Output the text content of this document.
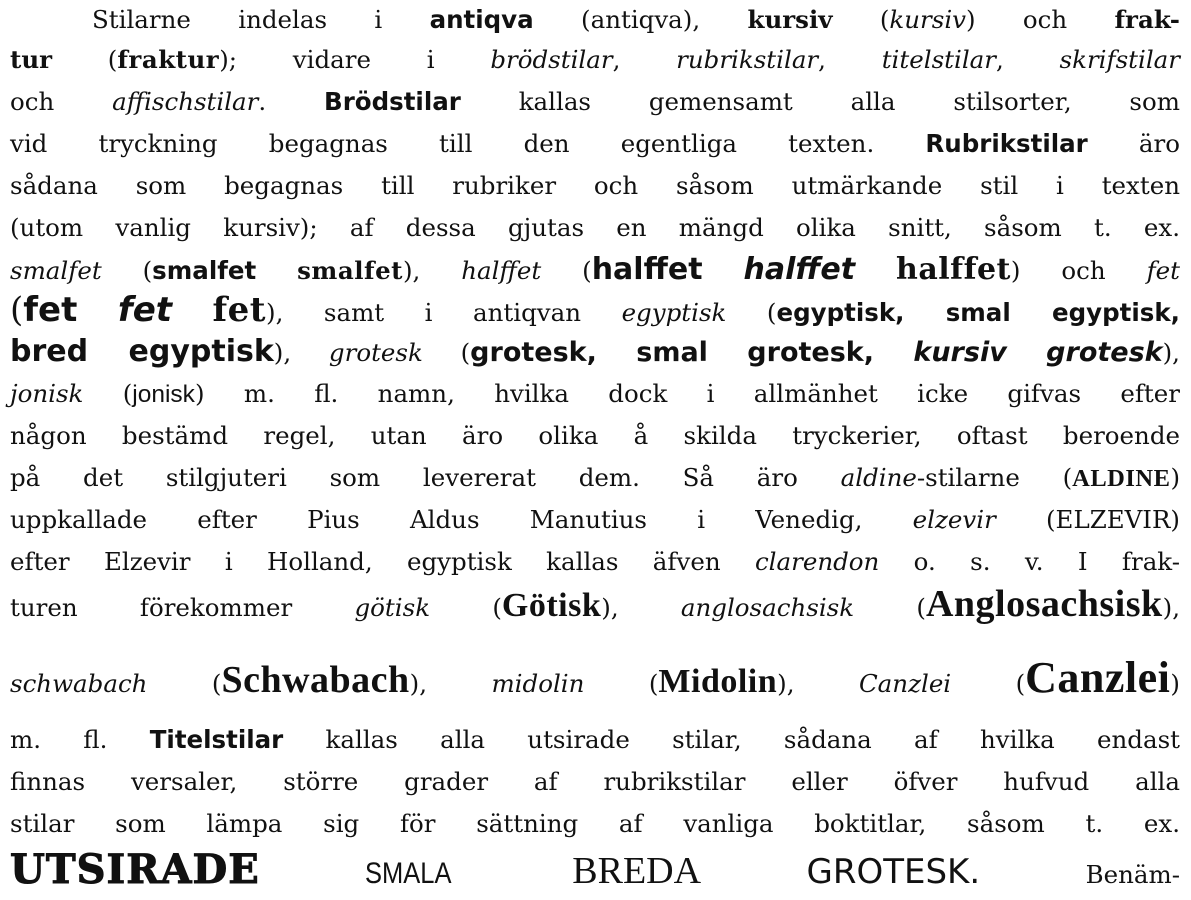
Stilarne indelas i antiqva (antiqva), kursiv (kursiv) och frak-
tur (fraktur); vidare i brödstilar, rubrikstilar, titelstilar, skrifstilar
och affischstilar. Brödstilar kallas gemensamt alla stilsorter, som
vid tryckning begagnas till den egentliga texten. Rubrikstilar äro
sådana som begagnas till rubriker och såsom utmärkande stil i texten
(utom vanlig kursiv); af dessa gjutas en mängd olika snitt, såsom t. ex.
smalfet (smalfet smalfet), halffet (halffet halffet halffet) och fet
(fet fet fet), samt i antiqvan egyptisk (egyptisk, smal egyptisk,
bred egyptisk), grotesk (grotesk, smal grotesk, kursiv grotesk),
jonisk (jonisk) m. fl. namn, hvilka dock i allmänhet icke gifvas efter
någon bestämd regel, utan äro olika å skilda tryckerier, oftast beroende
på det stilgjuteri som levererat dem. Så äro aldine-stilarne (ALDINE)
uppkallade efter Pius Aldus Manutius i Venedig, elzevir (ELZEVIR)
efter Elzevir i Holland, egyptisk kallas äfven clarendon o. s. v. I frak-
turen förekommer götisk (Götisk), anglosachsisk (Anglosachsisk),
schwabach (Schwabach), midolin (Midolin), Canzlei (Canzlei)
m. fl. Titelstilar kallas alla utsirade stilar, sådana af hvilka endast
finnas versaler, större grader af rubrikstilar eller öfver hufvud alla
stilar som lämpa sig för sättning af vanliga boktitlar, såsom t. ex.
UTSIRADE	SMALA	BREDA	GROTESK. Benäm-
